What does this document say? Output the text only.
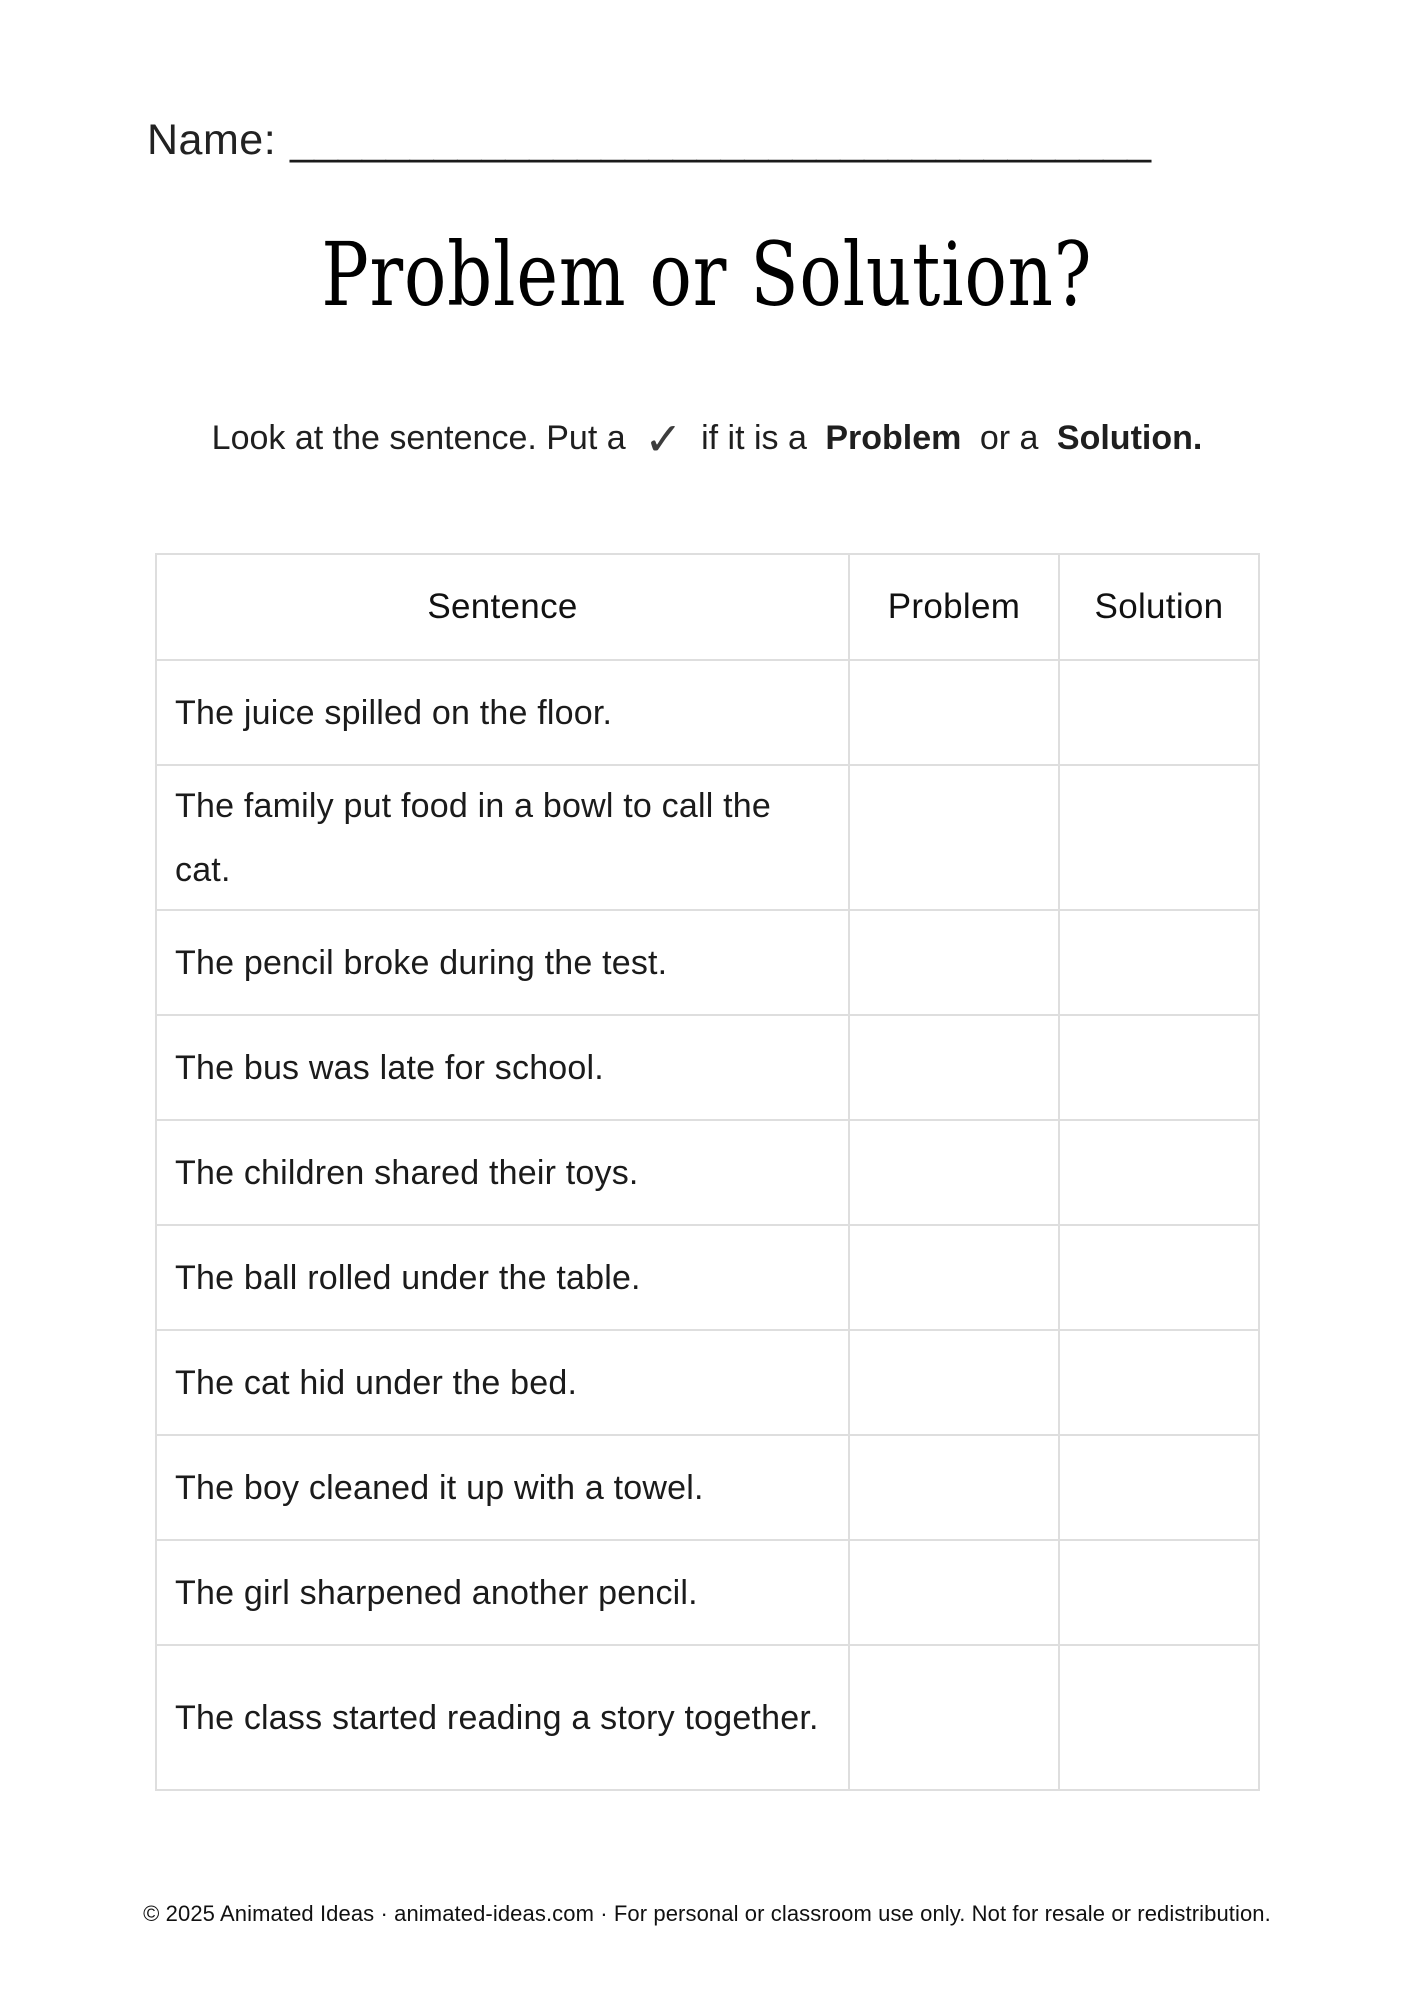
Name: ____________________________________
Problem or Solution?

Look at the sentence. Put a ✓ if it is a Problem or a Solution.

Sentence	Problem	Solution
The juice spilled on the floor.		
The family put food in a bowl to call the cat.		
The pencil broke during the test.		
The bus was late for school.		
The children shared their toys.		
The ball rolled under the table.		
The cat hid under the bed.		
The boy cleaned it up with a towel.		
The girl sharpened another pencil.		
The class started reading a story together.		
© 2025 Animated Ideas · animated-ideas.com · For personal or classroom use only. Not for resale or redistribution.
